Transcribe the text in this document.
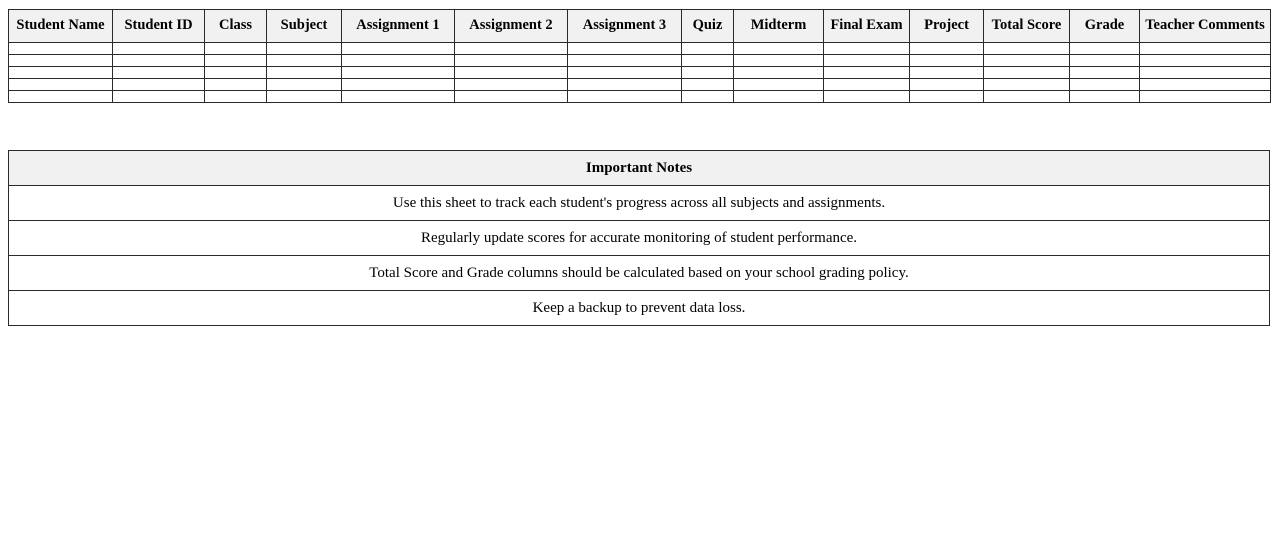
Student Name	Student ID	Class	Subject	Assignment 1	Assignment 2	Assignment 3	Quiz	Midterm	Final Exam	Project	Total Score	Grade	Teacher Comments

Important Notes
Use this sheet to track each student's progress across all subjects and assignments.
Regularly update scores for accurate monitoring of student performance.
Total Score and Grade columns should be calculated based on your school grading policy.
Keep a backup to prevent data loss.
